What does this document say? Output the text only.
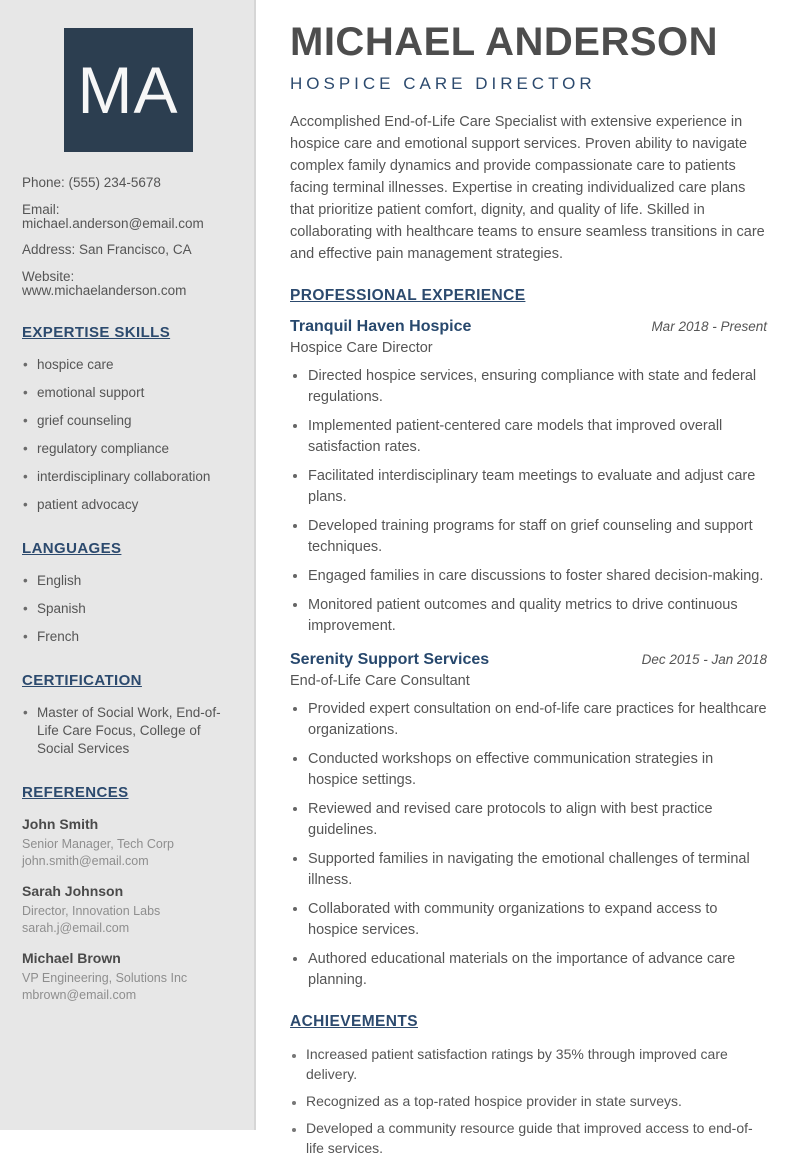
MA
Phone: (555) 234-5678
Email: michael.anderson@email.com
Address: San Francisco, CA
Website: www.michaelanderson.com
EXPERTISE SKILLS
• hospice care
• emotional support
• grief counseling
• regulatory compliance
• interdisciplinary collaboration
• patient advocacy
LANGUAGES
• English
• Spanish
• French
CERTIFICATION
• Master of Social Work, End-of-Life Care Focus, College of Social Services
REFERENCES
John Smith
Senior Manager, Tech Corp
john.smith@email.com
Sarah Johnson
Director, Innovation Labs
sarah.j@email.com
Michael Brown
VP Engineering, Solutions Inc
mbrown@email.com
MICHAEL ANDERSON
HOSPICE CARE DIRECTOR

Accomplished End-of-Life Care Specialist with extensive experience in hospice care and emotional support services. Proven ability to navigate complex family dynamics and provide compassionate care to patients facing terminal illnesses. Expertise in creating individualized care plans that prioritize patient comfort, dignity, and quality of life. Skilled in collaborating with healthcare teams to ensure seamless transitions in care and effective pain management strategies.

PROFESSIONAL EXPERIENCE
Tranquil Haven Hospice	Mar 2018 - Present
Hospice Care Director
• Directed hospice services, ensuring compliance with state and federal regulations.
• Implemented patient-centered care models that improved overall satisfaction rates.
• Facilitated interdisciplinary team meetings to evaluate and adjust care plans.
• Developed training programs for staff on grief counseling and support techniques.
• Engaged families in care discussions to foster shared decision-making.
• Monitored patient outcomes and quality metrics to drive continuous improvement.
Serenity Support Services	Dec 2015 - Jan 2018
End-of-Life Care Consultant
• Provided expert consultation on end-of-life care practices for healthcare organizations.
• Conducted workshops on effective communication strategies in hospice settings.
• Reviewed and revised care protocols to align with best practice guidelines.
• Supported families in navigating the emotional challenges of terminal illness.
• Collaborated with community organizations to expand access to hospice services.
• Authored educational materials on the importance of advance care planning.
ACHIEVEMENTS
• Increased patient satisfaction ratings by 35% through improved care delivery.
• Recognized as a top-rated hospice provider in state surveys.
• Developed a community resource guide that improved access to end-of-life services.
